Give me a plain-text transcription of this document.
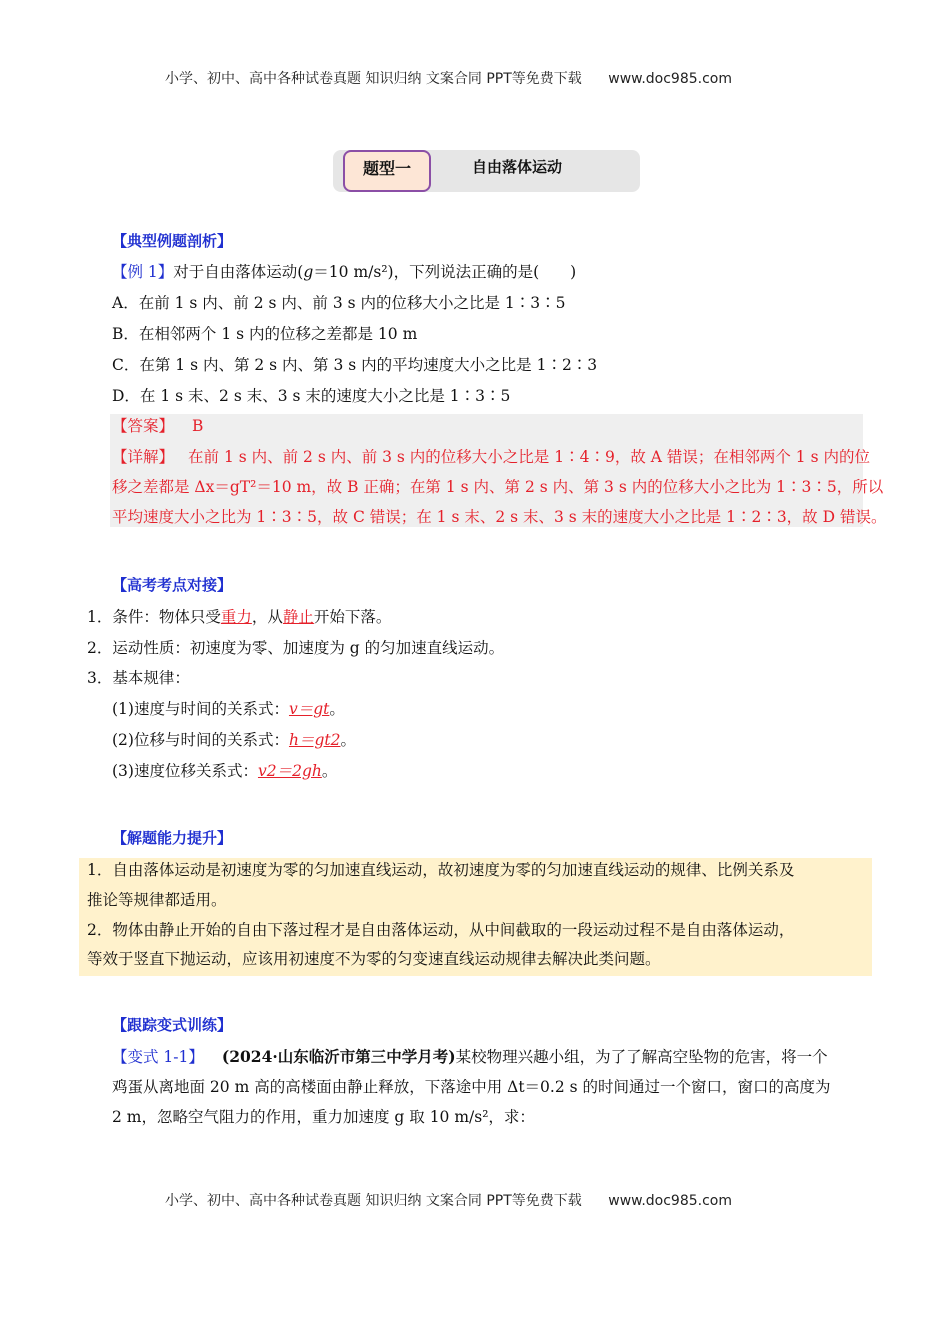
小学、初中、高中各种试卷真题 知识归纳 文案合同 PPT等免费下载 www.doc985.com
题型一	自由落体运动
【典型例题剖析】
【例 1】对于自由落体运动(g＝10 m/s²)，下列说法正确的是(　　)
A．在前 1 s 内、前 2 s 内、前 3 s 内的位移大小之比是 1∶3∶5
B．在相邻两个 1 s 内的位移之差都是 10 m
C．在第 1 s 内、第 2 s 内、第 3 s 内的平均速度大小之比是 1∶2∶3
D．在 1 s 末、2 s 末、3 s 末的速度大小之比是 1∶3∶5
【答案】 B
【详解】 在前 1 s 内、前 2 s 内、前 3 s 内的位移大小之比是 1∶4∶9，故 A 错误；在相邻两个 1 s 内的位
移之差都是 Δx＝gT²＝10 m，故 B 正确；在第 1 s 内、第 2 s 内、第 3 s 内的位移大小之比为 1∶3∶5，所以
平均速度大小之比为 1∶3∶5，故 C 错误；在 1 s 末、2 s 末、3 s 末的速度大小之比是 1∶2∶3，故 D 错误。
【高考考点对接】
1．条件：物体只受重力，从静止开始下落。
2．运动性质：初速度为零、加速度为 g 的匀加速直线运动。
3．基本规律：
(1)速度与时间的关系式：v＝gt。
(2)位移与时间的关系式：h＝gt2。
(3)速度位移关系式：v2＝2gh。
【解题能力提升】
1．自由落体运动是初速度为零的匀加速直线运动，故初速度为零的匀加速直线运动的规律、比例关系及
推论等规律都适用。
2．物体由静止开始的自由下落过程才是自由落体运动，从中间截取的一段运动过程不是自由落体运动，
等效于竖直下抛运动，应该用初速度不为零的匀变速直线运动规律去解决此类问题。
【跟踪变式训练】
【变式 1-1】 (2024·山东临沂市第三中学月考)某校物理兴趣小组，为了了解高空坠物的危害，将一个
鸡蛋从离地面 20 m 高的高楼面由静止释放，下落途中用 Δt＝0.2 s 的时间通过一个窗口，窗口的高度为
2 m，忽略空气阻力的作用，重力加速度 g 取 10 m/s²，求：
小学、初中、高中各种试卷真题 知识归纳 文案合同 PPT等免费下载 www.doc985.com
